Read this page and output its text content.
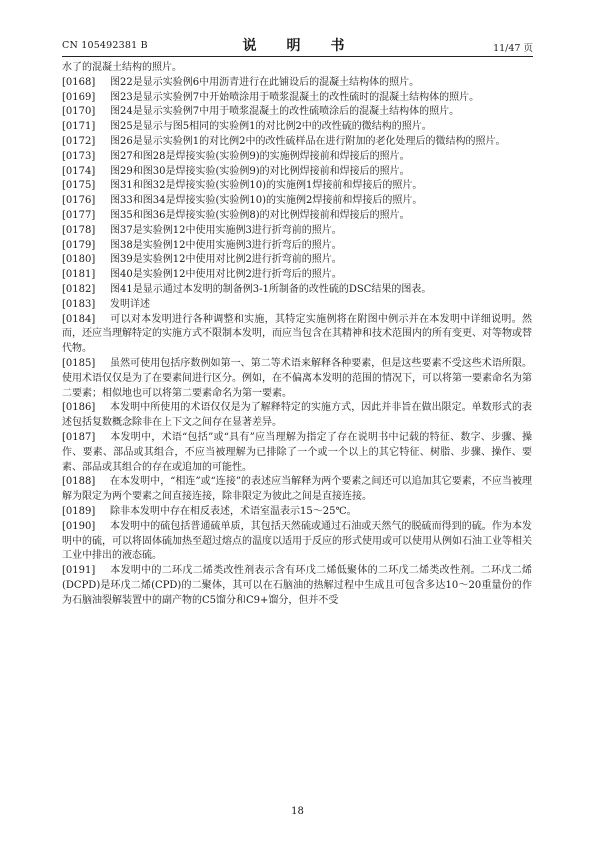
CN 105492381 B	说　明　书	11/47 页

水了的混凝土结构的照片。

[0168] 图22是显示实验例6中用沥青进行在此铺设后的混凝土结构体的照片。

[0169] 图23是显示实验例7中开始喷涂用于喷浆混凝土的改性硫时的混凝土结构体的照片。

[0170] 图24是显示实验例7中用于喷浆混凝土的改性硫喷涂后的混凝土结构体的照片。

[0171] 图25是显示与图5相同的实验例1的对比例2中的改性硫的微结构的照片。

[0172] 图26是显示实验例1的对比例2中的改性硫样品在进行附加的老化处理后的微结构的照片。

[0173] 图27和图28是焊接实验(实验例9)的实施例焊接前和焊接后的照片。

[0174] 图29和图30是焊接实验(实验例9)的对比例焊接前和焊接后的照片。

[0175] 图31和图32是焊接实验(实验例10)的实施例1焊接前和焊接后的照片。

[0176] 图33和图34是焊接实验(实验例10)的实施例2焊接前和焊接后的照片。

[0177] 图35和图36是焊接实验(实验例8)的对比例焊接前和焊接后的照片。

[0178] 图37是实验例12中使用实施例3进行折弯前的照片。

[0179] 图38是实验例12中使用实施例3进行折弯后的照片。

[0180] 图39是实验例12中使用对比例2进行折弯前的照片。

[0181] 图40是实验例12中使用对比例2进行折弯后的照片。

[0182] 图41是显示通过本发明的制备例3-1所制备的改性硫的DSC结果的图表。

[0183] 发明详述

[0184] 可以对本发明进行各种调整和实施，其特定实施例将在附图中例示并在本发明中详细说明。然而，还应当理解特定的实施方式不限制本发明，而应当包含在其精神和技术范围内的所有变更、对等物或替代物。

[0185] 虽然可使用包括序数例如第一、第二等术语来解释各种要素，但是这些要素不受这些术语所限。使用术语仅仅是为了在要素间进行区分。例如，在不偏离本发明的范围的情况下，可以将第一要素命名为第二要素；相似地也可以将第二要素命名为第一要素。

[0186] 本发明中所使用的术语仅仅是为了解释特定的实施方式，因此并非旨在做出限定。单数形式的表述包括复数概念除非在上下文之间存在显著差异。

[0187] 本发明中，术语“包括”或“具有”应当理解为指定了存在说明书中记载的特征、数字、步骤、操作、要素、部品或其组合，不应当被理解为已排除了一个或一个以上的其它特征、树脂、步骤、操作、要素、部品或其组合的存在或追加的可能性。

[0188] 在本发明中，“相连”或“连接”的表述应当解释为两个要素之间还可以追加其它要素，不应当被理解为限定为两个要素之间直接连接，除非限定为彼此之间是直接连接。

[0189] 除非本发明中存在相反表述，术语室温表示15～25℃。

[0190] 本发明中的硫包括普通硫单质，其包括天然硫或通过石油或天然气的脱硫而得到的硫。作为本发明中的硫，可以将固体硫加热至超过熔点的温度以适用于反应的形式使用或可以使用从例如石油工业等相关工业中排出的液态硫。

[0191] 本发明中的二环戊二烯类改性剂表示含有环戊二烯低聚体的二环戊二烯类改性剂。二环戊二烯(DCPD)是环戊二烯(CPD)的二聚体，其可以在石脑油的热解过程中生成且可包含多达10～20重量份的作为石脑油裂解装置中的副产物的C5馏分和C9+馏分，但并不受

18
